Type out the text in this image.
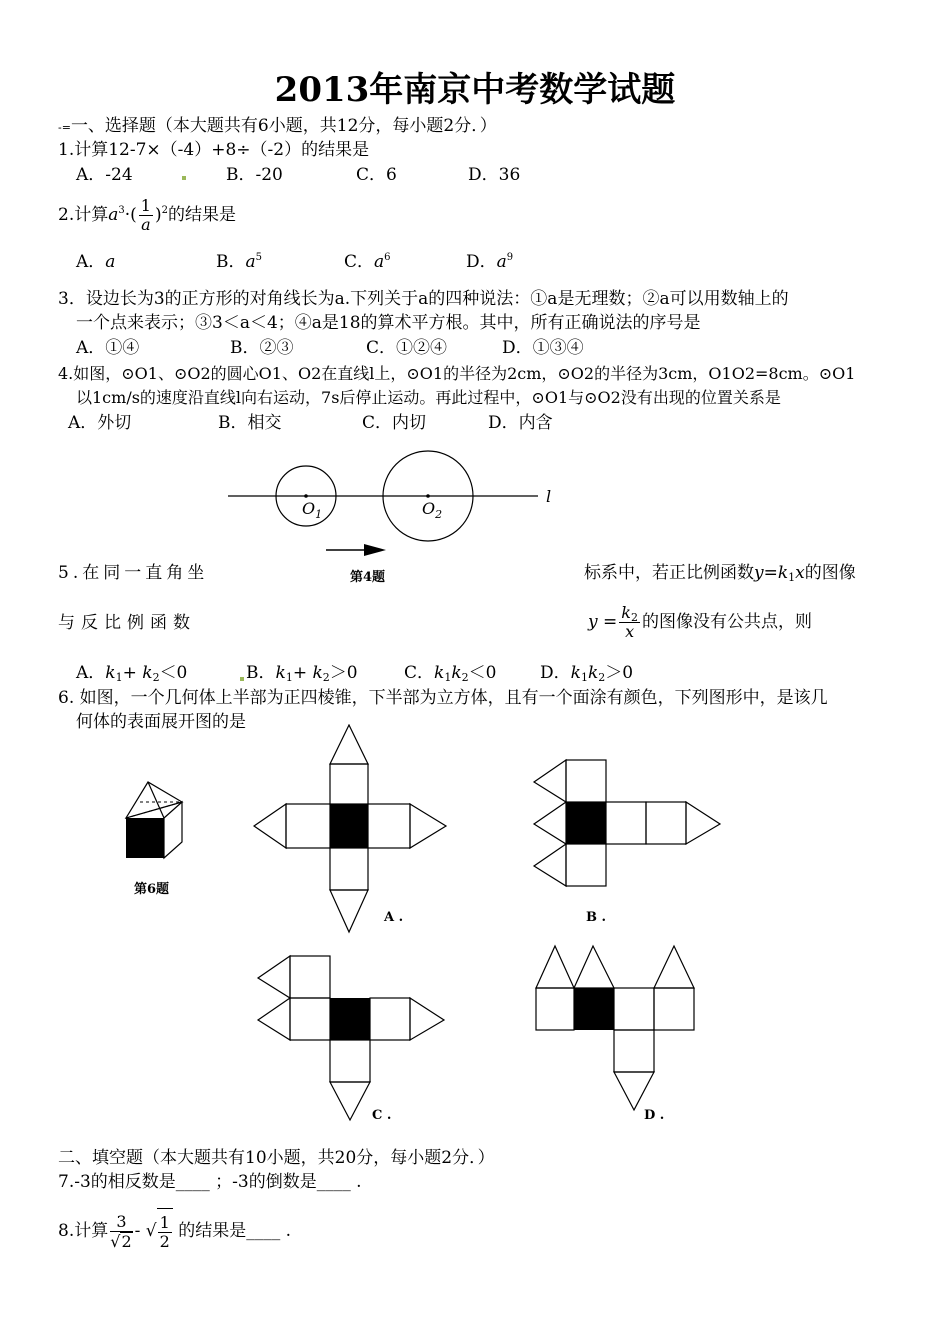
2013年南京中考数学试题
-=一、选择题（本大题共有6小题，共12分，每小题2分．）
1.计算12-7×（-4）+8÷（-2）的结果是
A．-24	B．-20	C．6	D．36
2.计算$a^3\cdot( \frac{1}{a} )^2$的结果是
A．a	B．$a^5$	C．$a^6$	D．$a^9$
3．设边长为3的正方形的对角线长为a.下列关于a的四种说法：①a是无理数；②a可以用数轴上的
一个点来表示；③3＜a＜4；④a是18的算术平方根。其中，所有正确说法的序号是
A．①④	B．②③	C．①②④	D．①③④
4.如图，⊙O1、⊙O2的圆心O1、O2在直线l上，⊙O1的半径为2cm，⊙O2的半径为3cm，O1O2=8cm。⊙O1
以1cm/s的速度沿直线l向右运动，7s后停止运动。再此过程中，⊙O1与⊙O2没有出现的位置关系是
A．外切	B．相交	C．内切	D．内含
l
$O_1$	$O_2$
第4题
5.在同一直角坐	标系中，若正比例函数$y=k_1x$的图像
与反比例函数	$y = \frac{k_2}{x}$ 的图像没有公共点，则
A．$k_1+ k_2<0$	B．$k_1+ k_2>0$	C．$k_1k_2<0$	D．$k_1k_2>0$
6. 如图，一个几何体上半部为正四棱锥，下半部为立方体，且有一个面涂有颜色，下列图形中，是该几
何体的表面展开图的是
第6题
A .	B .
C .	D .
二、填空题（本大题共有10小题，共20分，每小题2分．）
7.-3的相反数是____ ；-3的倒数是____ .
8.计算 $\frac{3}{√2}$ - √ $\frac{1}{2}$ 的结果是____ .
